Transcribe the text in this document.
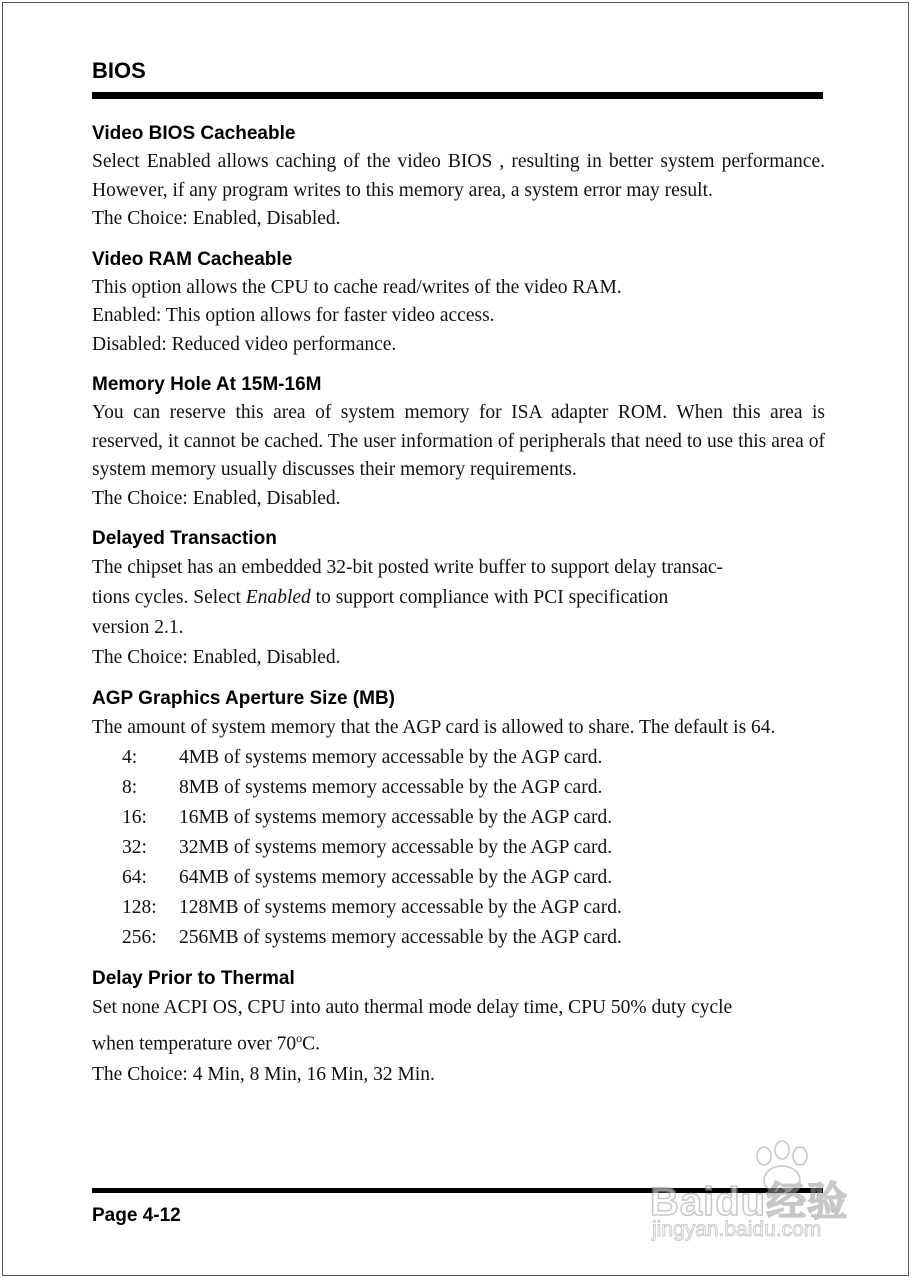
BIOS
Video BIOS Cacheable

Select Enabled allows caching of the video BIOS , resulting in better system performance. However, if any program writes to this memory area, a system error may result.

The Choice: Enabled, Disabled.

Video RAM Cacheable

This option allows the CPU to cache read/writes of the video RAM.

Enabled: This option allows for faster video access.

Disabled: Reduced video performance.

Memory Hole At 15M-16M

You can reserve this area of system memory for ISA adapter ROM. When this area is reserved, it cannot be cached. The user information of peripherals that need to use this area of system memory usually discusses their memory requirements.

The Choice: Enabled, Disabled.

Delayed Transaction

The chipset has an embedded 32-bit posted write buffer to support delay transac-

tions cycles. Select Enabled to support compliance with PCI specification

version 2.1.

The Choice: Enabled, Disabled.

AGP Graphics Aperture Size (MB)

The amount of system memory that the AGP card is allowed to share. The default is 64.

4:	4MB of systems memory accessable by the AGP card.
8:	8MB of systems memory accessable by the AGP card.
16:	16MB of systems memory accessable by the AGP card.
32:	32MB of systems memory accessable by the AGP card.
64:	64MB of systems memory accessable by the AGP card.
128:	128MB of systems memory accessable by the AGP card.
256:	256MB of systems memory accessable by the AGP card.
Delay Prior to Thermal

Set none ACPI OS, CPU into auto thermal mode delay time, CPU 50% duty cycle

when temperature over 70$^o$C.

The Choice: 4 Min, 8 Min, 16 Min, 32 Min.

Page 4-12	Baidu经验
jingyan.baidu.com
